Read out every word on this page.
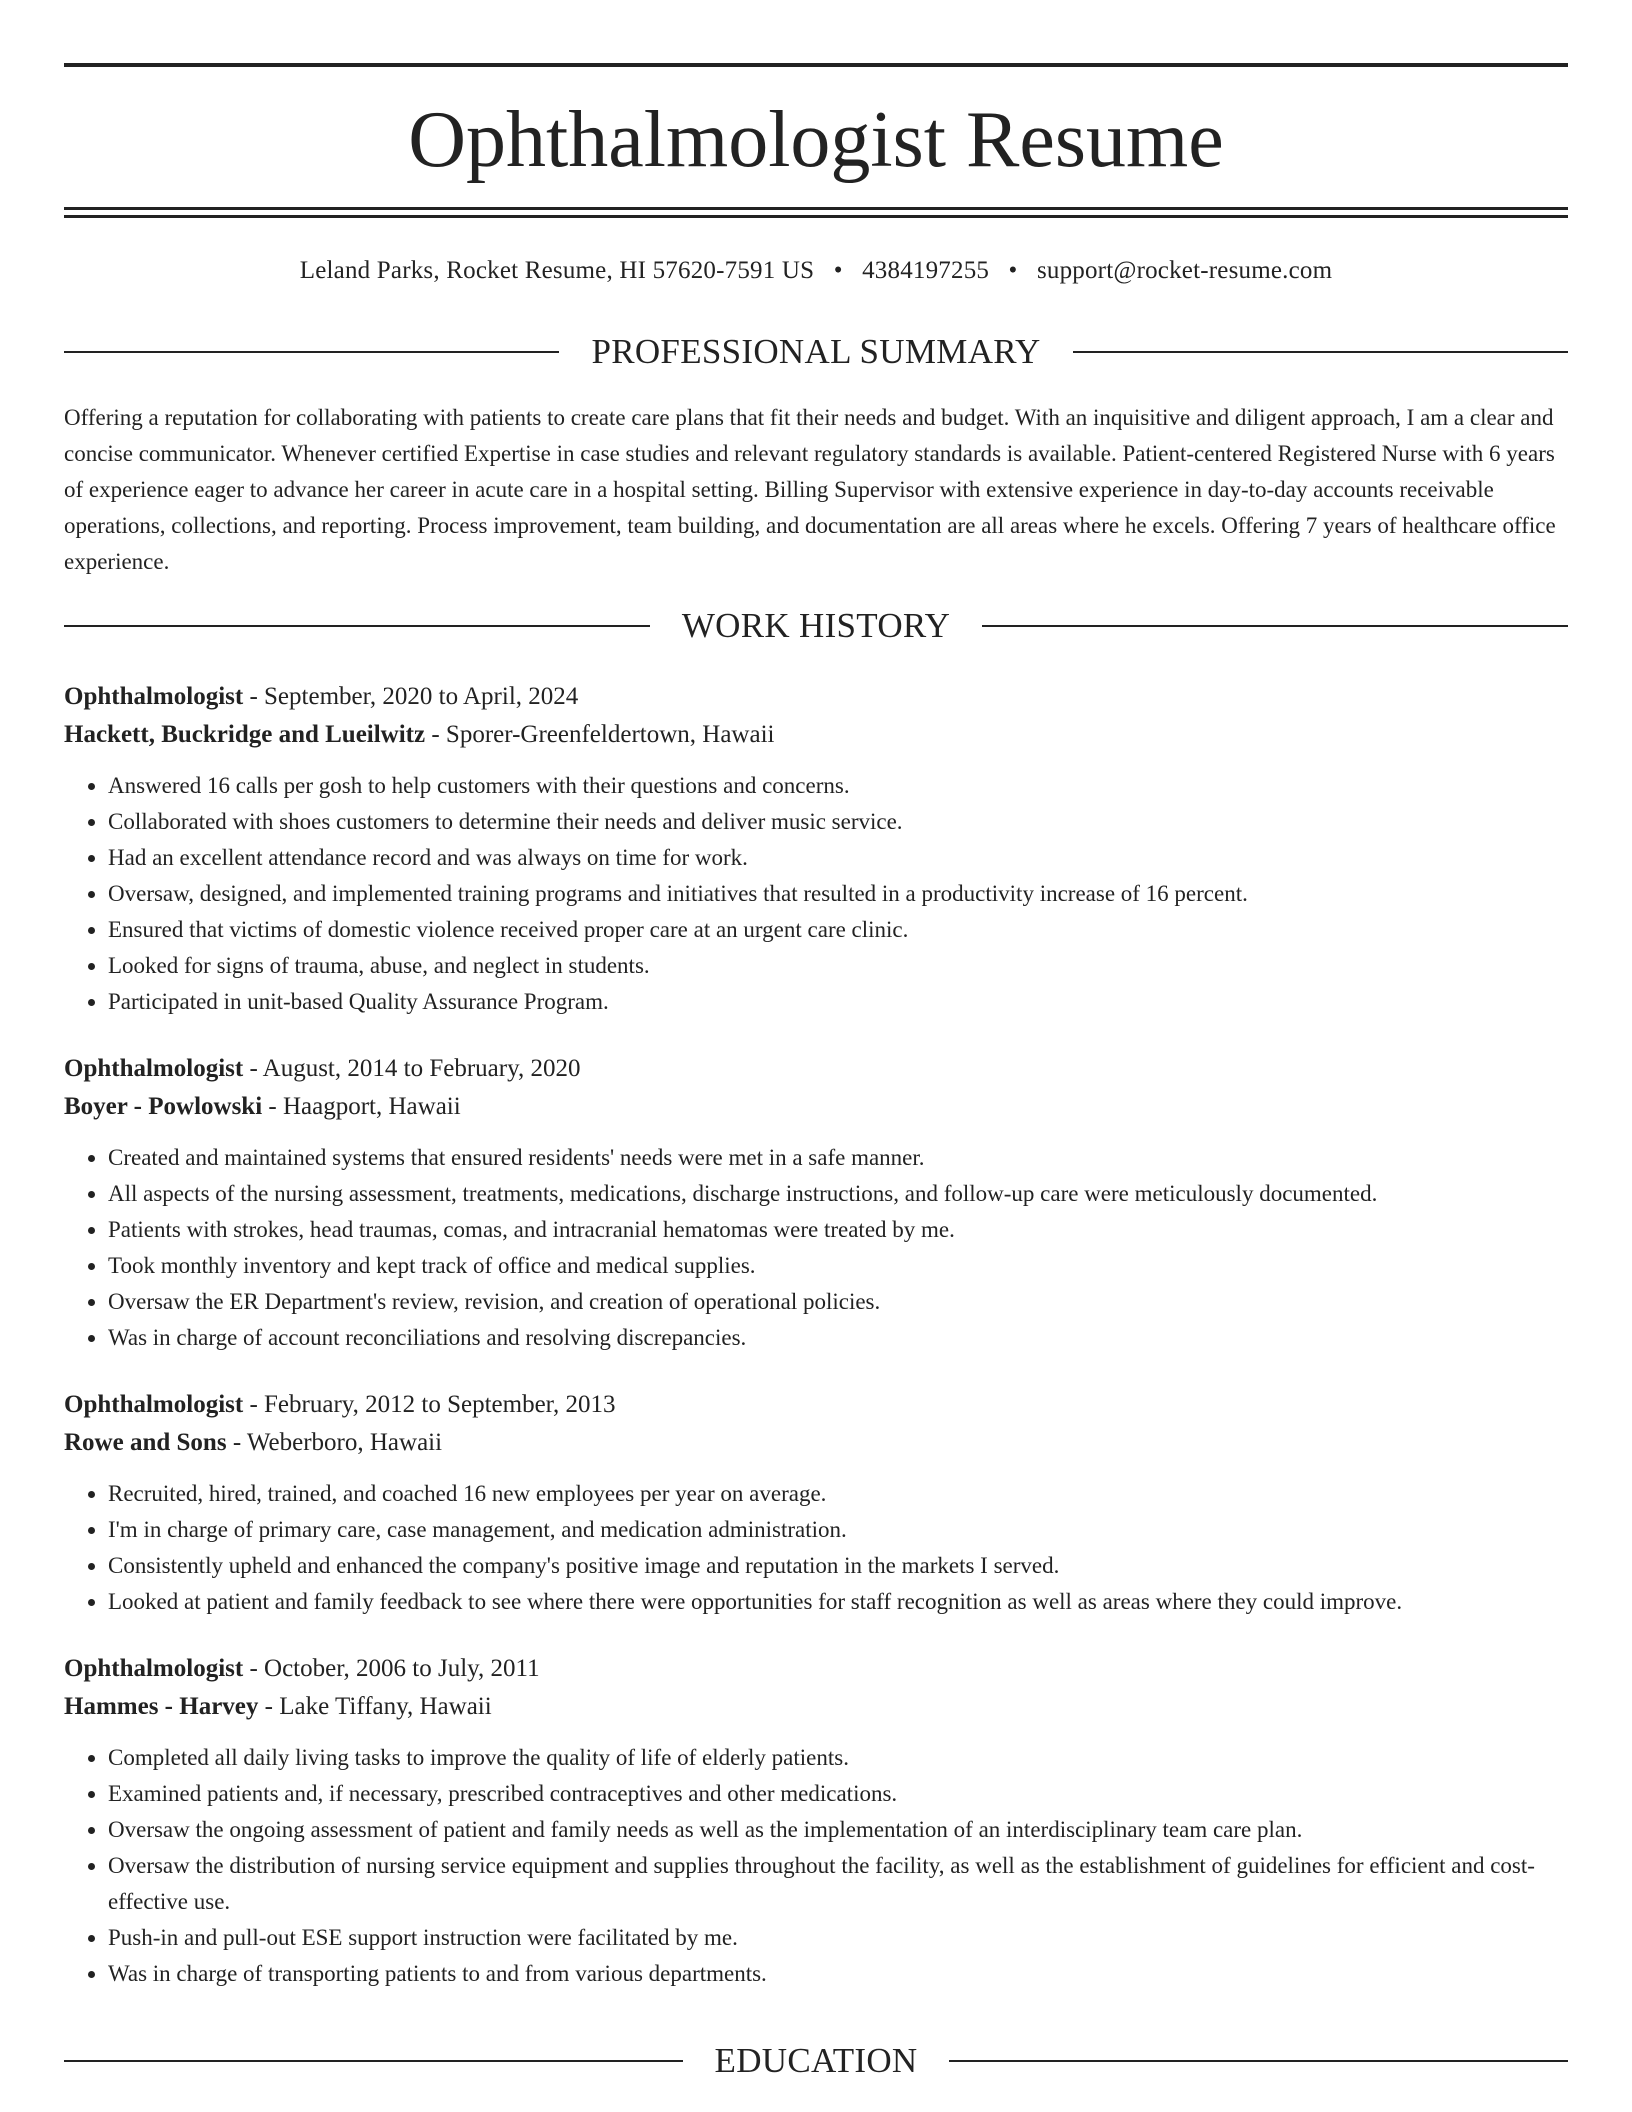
Ophthalmologist Resume
Leland Parks, Rocket Resume, HI 57620-7591 US • 4384197255 • support@rocket-resume.com
PROFESSIONAL SUMMARY

Offering a reputation for collaborating with patients to create care plans that fit their needs and budget. With an inquisitive and diligent approach, I am a clear and concise communicator. Whenever certified Expertise in case studies and relevant regulatory standards is available. Patient-centered Registered Nurse with 6 years of experience eager to advance her career in acute care in a hospital setting. Billing Supervisor with extensive experience in day-to-day accounts receivable operations, collections, and reporting. Process improvement, team building, and documentation are all areas where he excels. Offering 7 years of healthcare office experience.

WORK HISTORY
Ophthalmologist - September, 2020 to April, 2024
Hackett, Buckridge and Lueilwitz - Sporer-Greenfeldertown, Hawaii
• Answered 16 calls per gosh to help customers with their questions and concerns.
• Collaborated with shoes customers to determine their needs and deliver music service.
• Had an excellent attendance record and was always on time for work.
• Oversaw, designed, and implemented training programs and initiatives that resulted in a productivity increase of 16 percent.
• Ensured that victims of domestic violence received proper care at an urgent care clinic.
• Looked for signs of trauma, abuse, and neglect in students.
• Participated in unit-based Quality Assurance Program.
Ophthalmologist - August, 2014 to February, 2020
Boyer - Powlowski - Haagport, Hawaii
• Created and maintained systems that ensured residents' needs were met in a safe manner.
• All aspects of the nursing assessment, treatments, medications, discharge instructions, and follow-up care were meticulously documented.
• Patients with strokes, head traumas, comas, and intracranial hematomas were treated by me.
• Took monthly inventory and kept track of office and medical supplies.
• Oversaw the ER Department's review, revision, and creation of operational policies.
• Was in charge of account reconciliations and resolving discrepancies.
Ophthalmologist - February, 2012 to September, 2013
Rowe and Sons - Weberboro, Hawaii
• Recruited, hired, trained, and coached 16 new employees per year on average.
• I'm in charge of primary care, case management, and medication administration.
• Consistently upheld and enhanced the company's positive image and reputation in the markets I served.
• Looked at patient and family feedback to see where there were opportunities for staff recognition as well as areas where they could improve.
Ophthalmologist - October, 2006 to July, 2011
Hammes - Harvey - Lake Tiffany, Hawaii
• Completed all daily living tasks to improve the quality of life of elderly patients.
• Examined patients and, if necessary, prescribed contraceptives and other medications.
• Oversaw the ongoing assessment of patient and family needs as well as the implementation of an interdisciplinary team care plan.
• Oversaw the distribution of nursing service equipment and supplies throughout the facility, as well as the establishment of guidelines for efficient and cost-effective use.
• Push-in and pull-out ESE support instruction were facilitated by me.
• Was in charge of transporting patients to and from various departments.
EDUCATION
